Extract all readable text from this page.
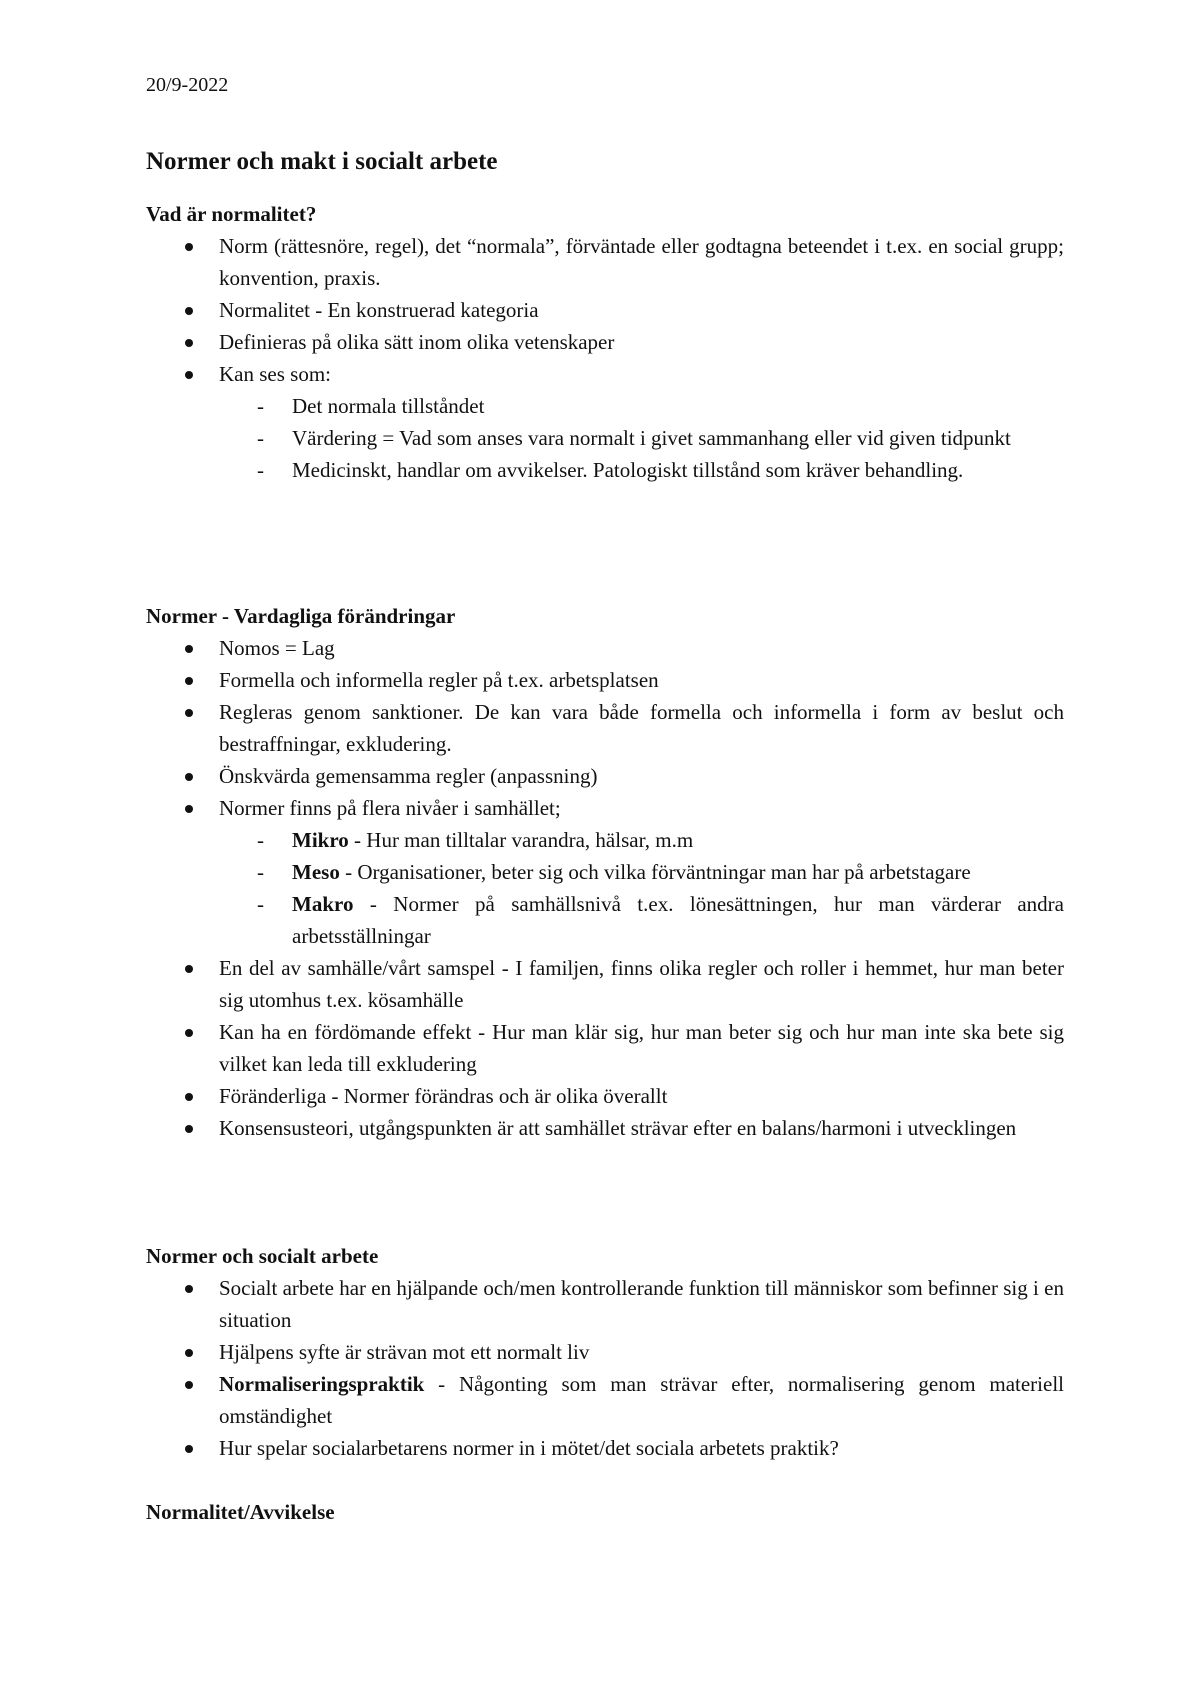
20/9-2022
Normer och makt i socialt arbete
Vad är normalitet?
Norm (rättesnöre, regel), det “normala”, förväntade eller godtagna beteendet i t.ex. en social grupp; konvention, praxis.
Normalitet - En konstruerad kategoria
Definieras på olika sätt inom olika vetenskaper
Kan ses som:
- Det normala tillståndet
- Värdering = Vad som anses vara normalt i givet sammanhang eller vid given tidpunkt
- Medicinskt, handlar om avvikelser. Patologiskt tillstånd som kräver behandling.
Normer - Vardagliga förändringar
Nomos = Lag
Formella och informella regler på t.ex. arbetsplatsen
Regleras genom sanktioner. De kan vara både formella och informella i form av beslut och bestraffningar, exkludering.
Önskvärda gemensamma regler (anpassning)
Normer finns på flera nivåer i samhället;
- Mikro - Hur man tilltalar varandra, hälsar, m.m
- Meso - Organisationer, beter sig och vilka förväntningar man har på arbetstagare
- Makro - Normer på samhällsnivå t.ex. lönesättningen, hur man värderar andra arbetsställningar
En del av samhälle/vårt samspel - I familjen, finns olika regler och roller i hemmet, hur man beter sig utomhus t.ex. kösamhälle
Kan ha en fördömande effekt - Hur man klär sig, hur man beter sig och hur man inte ska bete sig vilket kan leda till exkludering
Föränderliga - Normer förändras och är olika överallt
Konsensusteori, utgångspunkten är att samhället strävar efter en balans/harmoni i utvecklingen
Normer och socialt arbete
Socialt arbete har en hjälpande och/men kontrollerande funktion till människor som befinner sig i en situation
Hjälpens syfte är strävan mot ett normalt liv
Normaliseringspraktik - Någonting som man strävar efter, normalisering genom materiell omständighet
Hur spelar socialarbetarens normer in i mötet/det sociala arbetets praktik?
Normalitet/Avvikelse
